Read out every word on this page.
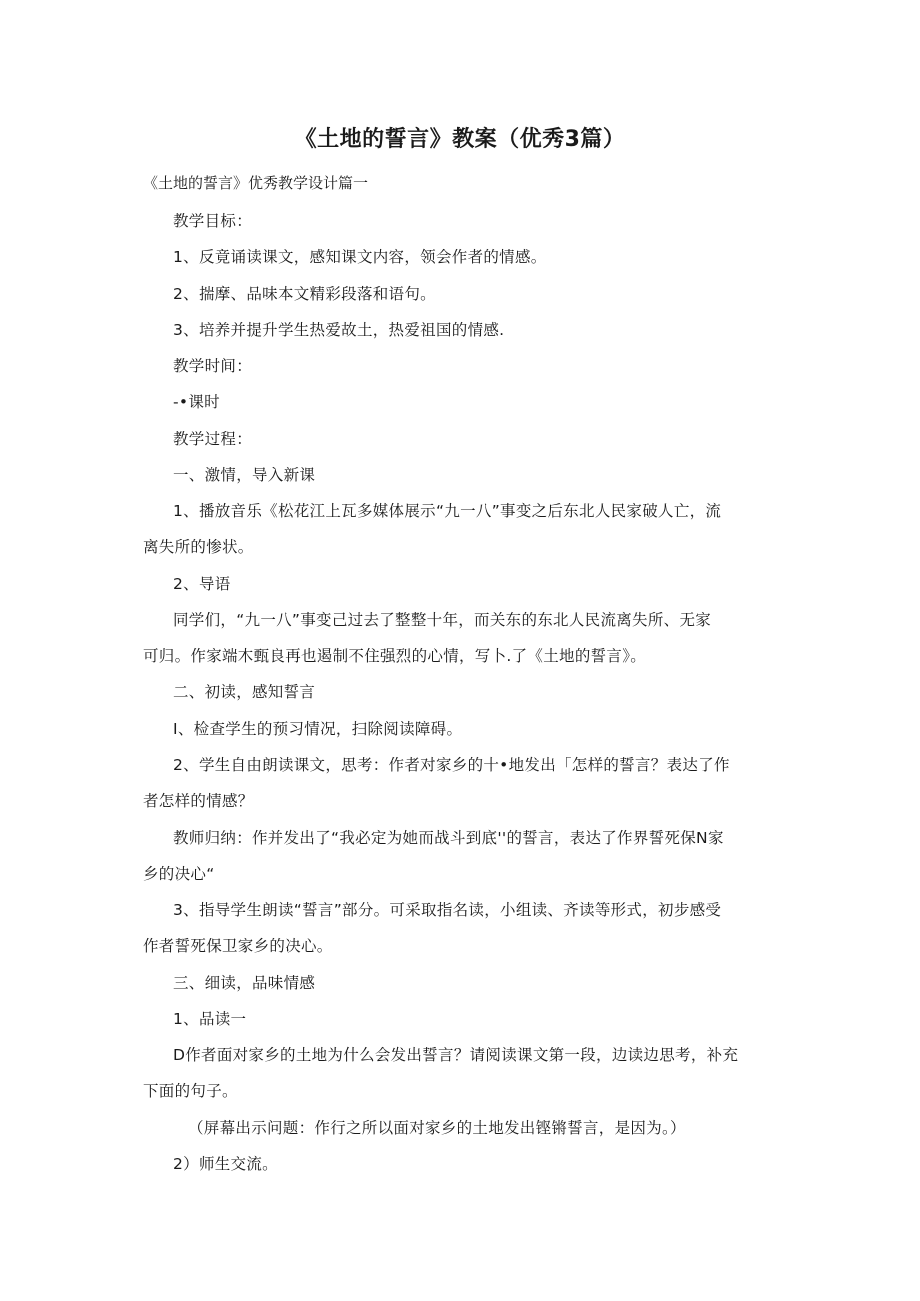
《土地的誓言》教案（优秀3篇）
《土地的誓言》优秀教学设计篇一
教学目标：
1、反竟诵读课文，感知课文内容，领会作者的情感。
2、揣摩、品味本文精彩段落和语句。
3、培养并提升学生热爱故土，热爱祖国的情感.
教学时间：
-•课时
教学过程：
一、激情，导入新课
1、播放音乐《松花江上瓦多媒体展示“九一八”事变之后东北人民家破人亡，流
离失所的惨状。
2、导语
同学们，“九一八”事变己过去了整整十年，而关东的东北人民流离失所、无家
可归。作家端木甄良再也遏制不住强烈的心情，写卜.了《土地的誓言》。
二、初读，感知誓言
I、检查学生的预习情况，扫除阅读障碍。
2、学生自由朗读课文，思考：作者对家乡的十•地发出「怎样的誓言？表达了作
者怎样的情感？
教师归纳：作并发出了“我必定为她而战斗到底''的誓言，表达了作界誓死保N家
乡的决心“
3、指导学生朗读“誓言”部分。可采取指名读，小组读、齐读等形式，初步感受
作者誓死保卫家乡的决心。
三、细读，品味情感
1、品读一
D作者面对家乡的土地为什么会发出誓言？请阅读课文第一段，边读边思考，补充
下面的句子。
（屏幕出示问题：作行之所以面对家乡的土地发出铿锵誓言，是因为。）
2）师生交流。
